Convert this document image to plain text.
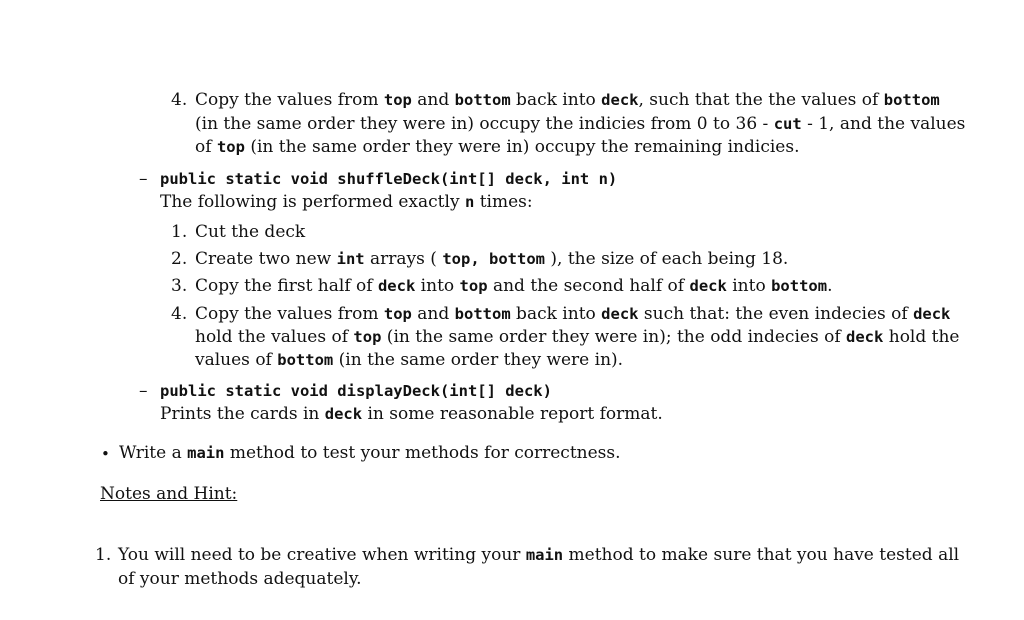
4. Copy the values from top and bottom back into deck, such that the the values of bottom
(in the same order they were in) occupy the indicies from 0 to 36 - cut - 1, and the values
of top (in the same order they were in) occupy the remaining indicies.
– public static void shuffleDeck(int[] deck, int n)
The following is performed exactly n times:
1. Cut the deck
2. Create two new int arrays ( top, bottom ), the size of each being 18.
3. Copy the first half of deck into top and the second half of deck into bottom.
4. Copy the values from top and bottom back into deck such that: the even indecies of deck
hold the values of top (in the same order they were in); the odd indecies of deck hold the
values of bottom (in the same order they were in).
– public static void displayDeck(int[] deck)
Prints the cards in deck in some reasonable report format.
• Write a main method to test your methods for correctness.
Notes and Hint:
1. You will need to be creative when writing your main method to make sure that you have tested all
of your methods adequately.
